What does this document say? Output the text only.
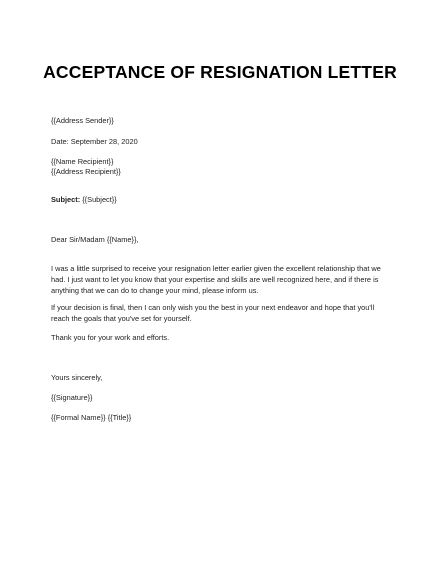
ACCEPTANCE OF RESIGNATION LETTER
{{Address Sender}}
Date: September 28, 2020
{{Name Recipient}}
{{Address Recipient}}
Subject: {{Subject}}
Dear Sir/Madam {{Name}},
I was a little surprised to receive your resignation letter earlier given the excellent relationship that we
had. I just want to let you know that your expertise and skills are well recognized here, and if there is
anything that we can do to change your mind, please inform us.
If your decision is final, then I can only wish you the best in your next endeavor and hope that you'll
reach the goals that you've set for yourself.
Thank you for your work and efforts.
Yours sincerely,
{{Signature}}
{{Formal Name}} {{Title}}
